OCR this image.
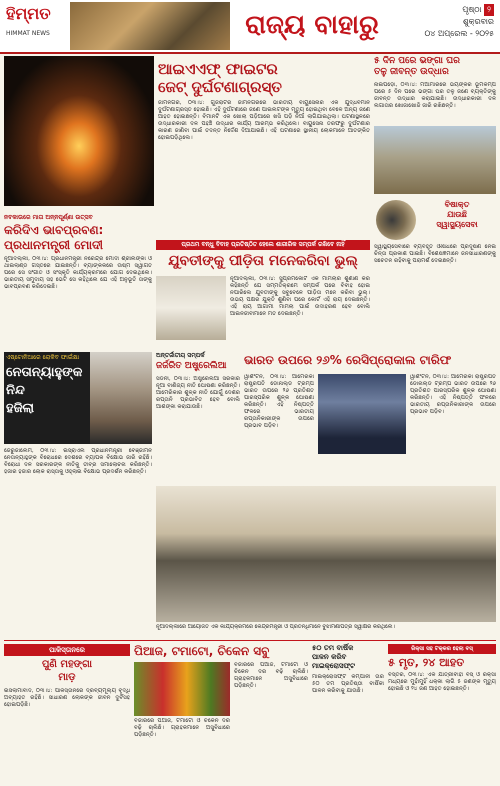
ହିମ୍ମତ
HIMMAT NEWS	ରାଜ୍ୟ ବାହାରୁ
ପୃଷ୍ଠା ୨
ଶୁକ୍ରବାର
୦୪ ଅପ୍ରେଲ - ୨୦୨୫
ଆଇଏଏଫ୍ ଫାଇଟର
ଜେଟ୍ ଦୁର୍ଘଟଣାଗ୍ରସ୍ତ
ଜାମନଗର, ୦୩।୪: ଗୁଜରାଟର ଜାମନଗରରେ ଭାରତୀୟ ବାୟୁସେନାର ଏକ ଯୁଦ୍ଧବିମାନ ଦୁର୍ଘଟଣାଗ୍ରସ୍ତ ହୋଇଛି। ଏହି ଦୁର୍ଘଟଣାରେ ଜଣେ ପାଇଲଟଙ୍କ ମୃତ୍ୟୁ ହୋଇଥିବା ବେଳେ ଅନ୍ୟ ଜଣେ ଆହତ ହୋଇଛନ୍ତି। ବିମାନଟି ଏକ ଖୋଲା ପଡ଼ିଆରେ ଖସି ପଡ଼ି ନିଆଁ ଲାଗିଯାଇଥିଲା। ଘଟଣାସ୍ଥଳରେ ଉଦ୍ଧାରକାରୀ ଦଳ ପହଞ୍ଚି ଉଦ୍ଧାର କାର୍ଯ୍ୟ ଆରମ୍ଭ କରିଥିଲେ। ବାୟୁସେନା ତରଫରୁ ଦୁର୍ଘଟଣାର କାରଣ ଜାଣିବା ପାଇଁ ତଦନ୍ତ ନିର୍ଦ୍ଦେଶ ଦିଆଯାଇଛି। ଏହି ଘଟଣାରେ ସ୍ଥାନୀୟ ଲୋକମାନେ ଆତଙ୍କିତ ହୋଇପଡ଼ିଥିଲେ।
୫ ଦିନ ପରେ ଭଙ୍ଗା ଘର
ତଳୁ ଜୀବନ୍ତ ଉଦ୍ଧାର
ନାଇପିଡ଼ୋ, ୦୩।୪: ମିଆଁମାରରେ ଭୟଙ୍କର ଭୂମିକମ୍ପ ପରେ ୫ ଦିନ ପରେ ଭଙ୍ଗା ଘର ତଳୁ ଜଣେ ବ୍ୟକ୍ତିଙ୍କୁ ଜୀବନ୍ତ ଉଦ୍ଧାର କରାଯାଇଛି। ଉଦ୍ଧାରକାରୀ ଦଳ ଲଗାତାର ଖୋଜାଖୋଜି ଜାରି ରଖିଛନ୍ତି।
ବିଷାକ୍ତ
ଯାଉଛି
ସ୍ୱାସ୍ଥ୍ୟସେବା
ସ୍ୱାସ୍ଥ୍ୟସେବାରେ ବ୍ୟବହୃତ ଔଷଧରେ ପ୍ରଦୂଷଣ ନେଇ ଚିନ୍ତା ପ୍ରକାଶ ପାଇଛି। ବିଶେଷଜ୍ଞମାନେ ଜନସାଧାରଣଙ୍କୁ ସଚେତନ ରହିବାକୁ ପରାମର୍ଶ ଦେଇଛନ୍ତି।
ନବକାଉରେ ମାତା ଅନ୍ନପୂର୍ଣ୍ଣା ଉତ୍ସବ
କରିଦିଏ ଭାବପ୍ରବଣ:
ପ୍ରଧାନମନ୍ତ୍ରୀ ମୋଦୀ
ନୂଆଦିଲ୍ଲୀ, ୦୩।୪: ପ୍ରଧାନମନ୍ତ୍ରୀ ନରେନ୍ଦ୍ର ମୋଦୀ ଶ୍ରୀଲଙ୍କା ଓ ଥାଇଲାଣ୍ଡ ଗସ୍ତରେ ଯାଇଛନ୍ତି। ବ୍ୟାଙ୍କକରେ ଉଷ୍ମ ସ୍ୱାଗତ ପରେ ସେ ସଂଗୀତ ଓ ସଂସ୍କୃତି କାର୍ଯ୍ୟକ୍ରମରେ ଯୋଗ ଦେଇଥିଲେ। ଭାରତୀୟ ସମୁଦାୟ ସହ ଭେଟି ସେ କହିଥିଲେ ଯେ ଏହି ଅନୁଭୂତି ତାଙ୍କୁ ଭାବପ୍ରବଣ କରିଦେଇଛି।
ପ୍ରଥମ ବନ୍ଧୁ ବିବାହ ପ୍ରତିଷ୍ଠିତ ହେଲେ ଶାରୀରିକ ସମ୍ପର୍କ ରଖିବେ ନାହିଁ
ଯୁବତୀଙ୍କୁ ପୀଡ଼ିତା ମନେକରିବା ଭୁଲ୍
ନୂଆଦିଲ୍ଲୀ, ୦୩।୪: ସୁପ୍ରିମକୋର୍ଟ ଏକ ମାମଲାର ଶୁଣାଣି କରି କହିଛନ୍ତି ଯେ ସମ୍ମତିକ୍ରମେ ସମ୍ପର୍କ ପରେ ବିବାହ ହୋଇ ନପାରିଲେ ଯୁବତୀଙ୍କୁ ସବୁବେଳେ ପୀଡ଼ିତା ମନେ କରିବା ଭୁଲ୍। ଉଭୟ ପକ୍ଷର ଯୁକ୍ତି ଶୁଣିବା ପରେ କୋର୍ଟ ଏହି ରାୟ ଦେଇଛନ୍ତି। ଏହି ରାୟ ଆଗାମୀ ମାମଲା ପାଇଁ ଉଦାହରଣ ହେବ ବୋଲି ଆଇନଜୀବୀମାନେ ମତ ଦେଇଛନ୍ତି।
ଏଷ୍ଟୋନିଆରେ ରୋକିବ ଫାଇଁକ୍ଷା
ନେତାନ୍ୟାହୁଙ୍କ
ନିନ୍ଦ
ହଜିଲା
ଜେରୁଜାଲେମ, ୦୩।୪: ଇସ୍ରାଏଲ ପ୍ରଧାନମନ୍ତ୍ରୀ ବେଞ୍ଜାମିନ ନେତାନ୍ୟାହୁଙ୍କ ବିରୋଧରେ ଦେଶରେ ବ୍ୟାପକ ବିକ୍ଷୋଭ ଜାରି ରହିଛି। ବିରୋଧୀ ଦଳ ସରକାରଙ୍କ ନୀତିକୁ ତୀବ୍ର ସମାଲୋଚନା କରିଛନ୍ତି। ହଜାର ହଜାର ଲୋକ ରାସ୍ତାକୁ ଓହ୍ଲାଇ ବିକ୍ଷୋଭ ପ୍ରଦର୍ଶନ କରିଛନ୍ତି।
ଅନ୍ତର୍ଜାତୀୟ ସମ୍ପର୍କ
ଜର୍ଜରିତ ଅଷ୍ଟ୍ରେଲିଆ
ସିଡନୀ, ୦୩।୪: ଅଷ୍ଟ୍ରେଲିଆ ସରକାର ନୂଆ ବାଣିଜ୍ୟ ନୀତି ଘୋଷଣା କରିଛନ୍ତି। ଆମେରିକାର ଶୁଳ୍କ ନୀତି ଯୋଗୁଁ ଦେଶର ରପ୍ତାନି ପ୍ରଭାବିତ ହେବ ବୋଲି ଆଶଙ୍କା କରାଯାଉଛି।
ଭାରତ ଉପରେ ୨୬% ରେସିପ୍ରୋକାଲ ଟାରିଫ
ୱାଶିଂଟନ, ୦୩।୪: ଆମେରିକା ରାଷ୍ଟ୍ରପତି ଡୋନାଲ୍ଡ ଟ୍ରମ୍ପ ଭାରତ ଉପରେ ୨୬ ପ୍ରତିଶତ ପାରସ୍ପରିକ ଶୁଳ୍କ ଘୋଷଣା କରିଛନ୍ତି। ଏହି ନିଷ୍ପତ୍ତି ଫଳରେ ଭାରତୀୟ ରପ୍ତାନିକାରୀଙ୍କ ଉପରେ ପ୍ରଭାବ ପଡ଼ିବ।
ୱାଶିଂଟନ, ୦୩।୪: ଆମେରିକା ରାଷ୍ଟ୍ରପତି ଡୋନାଲ୍ଡ ଟ୍ରମ୍ପ ଭାରତ ଉପରେ ୨୬ ପ୍ରତିଶତ ପାରସ୍ପରିକ ଶୁଳ୍କ ଘୋଷଣା କରିଛନ୍ତି। ଏହି ନିଷ୍ପତ୍ତି ଫଳରେ ଭାରତୀୟ ରପ୍ତାନିକାରୀଙ୍କ ଉପରେ ପ୍ରଭାବ ପଡ଼ିବ।
ନୂଆଦିଲ୍ଲୀରେ ଆୟୋଜିତ ଏକ କାର୍ଯ୍ୟକ୍ରମରେ କେନ୍ଦ୍ରମନ୍ତ୍ରୀ ଓ ପ୍ରତିନିଧିମାନେ ବୁଝାମଣାପତ୍ର ସ୍ୱାକ୍ଷର କରିଥିଲେ।
ପାକିସ୍ତାନରେ
ପୁଣି ମହଙ୍ଗା
ମାଡ଼
ଇସଲାମାବାଦ, ୦୩।୪: ପାକିସ୍ତାନରେ ଦ୍ରବ୍ୟମୂଲ୍ୟ ବୃଦ୍ଧି ଅବ୍ୟାହତ ରହିଛି। ସାଧାରଣ ଲୋକଙ୍କ ଜୀବନ ଦୁର୍ବିସହ ହୋଇପଡ଼ିଛି।
ପିଆଜ, ଟମାଟୋ, ଚିକେନ ସବୁ
ବଜାରରେ ପିଆଜ, ଟମାଟୋ ଓ ଚିକେନ ଦର ବଢ଼ି ଚାଲିଛି। ଗ୍ରାହକମାନେ ଅସୁବିଧାରେ ପଡ଼ିଛନ୍ତି।
ବଜାରରେ ପିଆଜ, ଟମାଟୋ ଓ ଚିକେନ ଦର ବଢ଼ି ଚାଲିଛି। ଗ୍ରାହକମାନେ ଅସୁବିଧାରେ ପଡ଼ିଛନ୍ତି।
୫୦ ତମ ବାର୍ଷିକ
ପାଳନ କରିବ
ମାଇକ୍ରୋସଫ୍ଟ
ମାଇକ୍ରୋସଫ୍ଟ କମ୍ପାନୀ ତାର ୫୦ ତମ ପ୍ରତିଷ୍ଠା ବାର୍ଷିକୀ ପାଳନ କରିବାକୁ ଯାଉଛି।
ରିକ୍ସା ସହ ଟକ୍କର ହେଲା ବସ୍
୫ ମୃତ, ୨୪ ଆହତ
ବସ୍ତର, ୦୩।୪: ଏକ ଯାତ୍ରୀବାହୀ ବସ୍ ଓ ରିକ୍ସା ମଧ୍ୟରେ ମୁହାଁମୁହିଁ ଧକ୍କା ଲାଗି ୫ ଜଣଙ୍କ ମୃତ୍ୟୁ ହୋଇଛି ଓ ୨୪ ଜଣ ଆହତ ହୋଇଛନ୍ତି।
